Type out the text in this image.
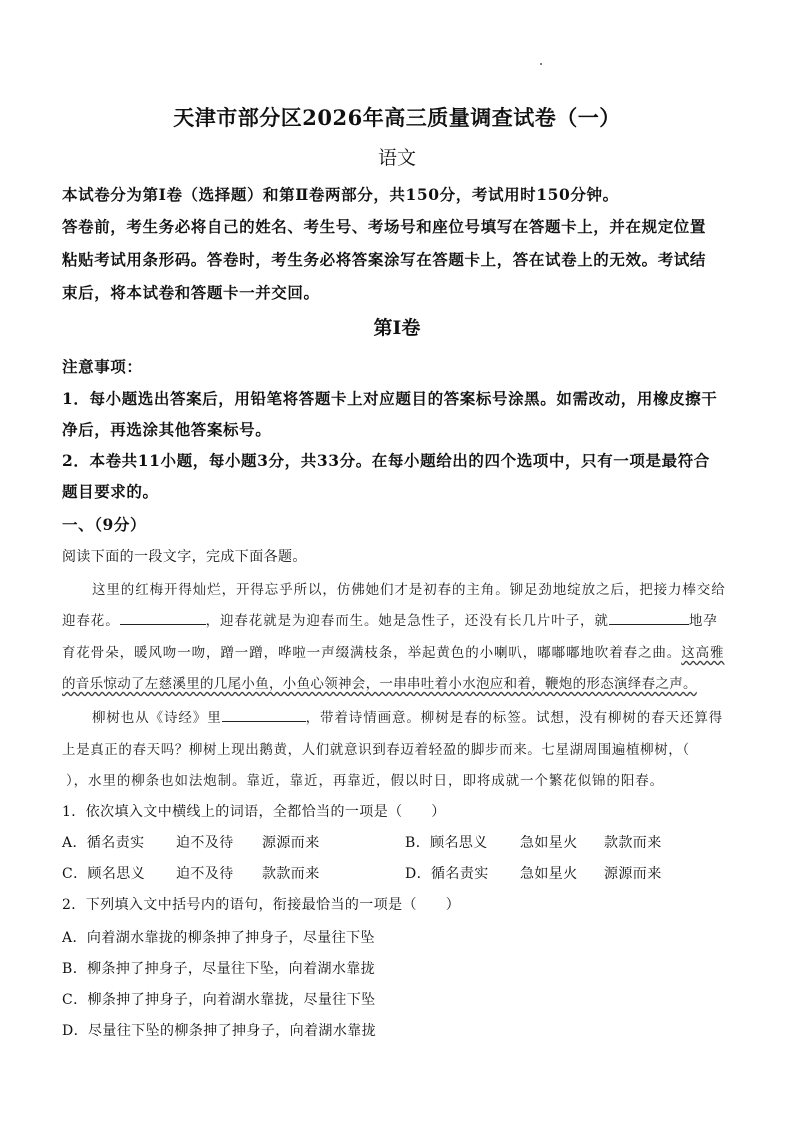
天津市部分区2026年高三质量调查试卷（一）
语文
本试卷分为第Ⅰ卷（选择题）和第Ⅱ卷两部分，共150分，考试用时150分钟。
答卷前，考生务必将自己的姓名、考生号、考场号和座位号填写在答题卡上，并在规定位置
粘贴考试用条形码。答卷时，考生务必将答案涂写在答题卡上，答在试卷上的无效。考试结
束后，将本试卷和答题卡一并交回。
第Ⅰ卷
注意事项：
1．每小题选出答案后，用铅笔将答题卡上对应题目的答案标号涂黑。如需改动，用橡皮擦干
净后，再选涂其他答案标号。
2．本卷共11小题，每小题3分，共33分。在每小题给出的四个选项中，只有一项是最符合
题目要求的。
一、（9分）
阅读下面的一段文字，完成下面各题。
这里的红梅开得灿烂，开得忘乎所以，仿佛她们才是初春的主角。铆足劲地绽放之后，把接力棒交给
迎春花。	，迎春花就是为迎春而生。她是急性子，还没有长几片叶子，就	地孕
育花骨朵，暖风吻一吻，蹭一蹭，哗啦一声缀满枝条，举起黄色的小喇叭，嘟嘟嘟地吹着春之曲。这高雅
的音乐惊动了左慈溪里的几尾小鱼，小鱼心领神会，一串串吐着小水泡应和着，鞭炮的形态演绎春之声。
柳树也从《诗经》里	，带着诗情画意。柳树是春的标签。试想，没有柳树的春天还算得
上是真正的春天吗？柳树上现出鹅黄，人们就意识到春迈着轻盈的脚步而来。七星湖周围遍植柳树，（
），水里的柳条也如法炮制。靠近，靠近，再靠近，假以时日，即将成就一个繁花似锦的阳春。
1．依次填入文中横线上的词语，全都恰当的一项是（　　）
A．循名责实 迫不及待 源源而来	B．顾名思义 急如星火 款款而来
C．顾名思义 迫不及待 款款而来	D．循名责实 急如星火 源源而来
2．下列填入文中括号内的语句，衔接最恰当的一项是（　　）
A．向着湖水靠拢的柳条抻了抻身子，尽量往下坠
B．柳条抻了抻身子，尽量往下坠，向着湖水靠拢
C．柳条抻了抻身子，向着湖水靠拢，尽量往下坠
D．尽量往下坠的柳条抻了抻身子，向着湖水靠拢
